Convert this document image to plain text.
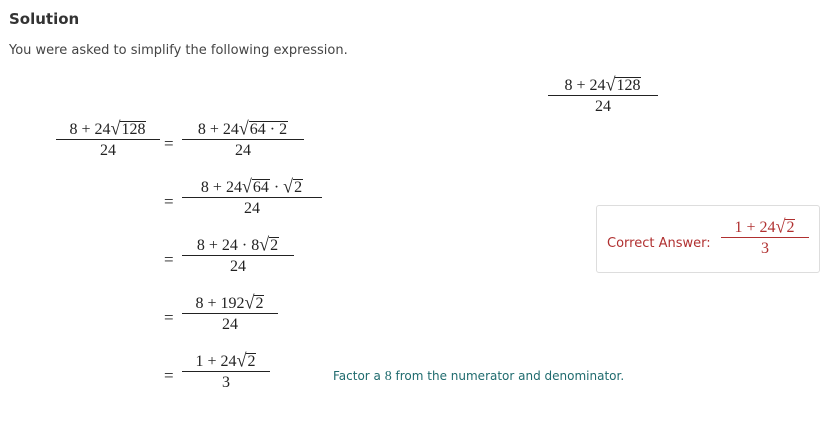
Solution
You were asked to simplify the following expression.
8 + 24√128
24
8 + 24√128
24	=
8 + 24√64 · 2
24
=
8 + 24√64 · √2
24
=
8 + 24 · 8√2
24
=
8 + 192√2
24
=
1 + 24√2
3	Factor a 8 from the numerator and denominator.
Correct Answer:
1 + 24√2
3
